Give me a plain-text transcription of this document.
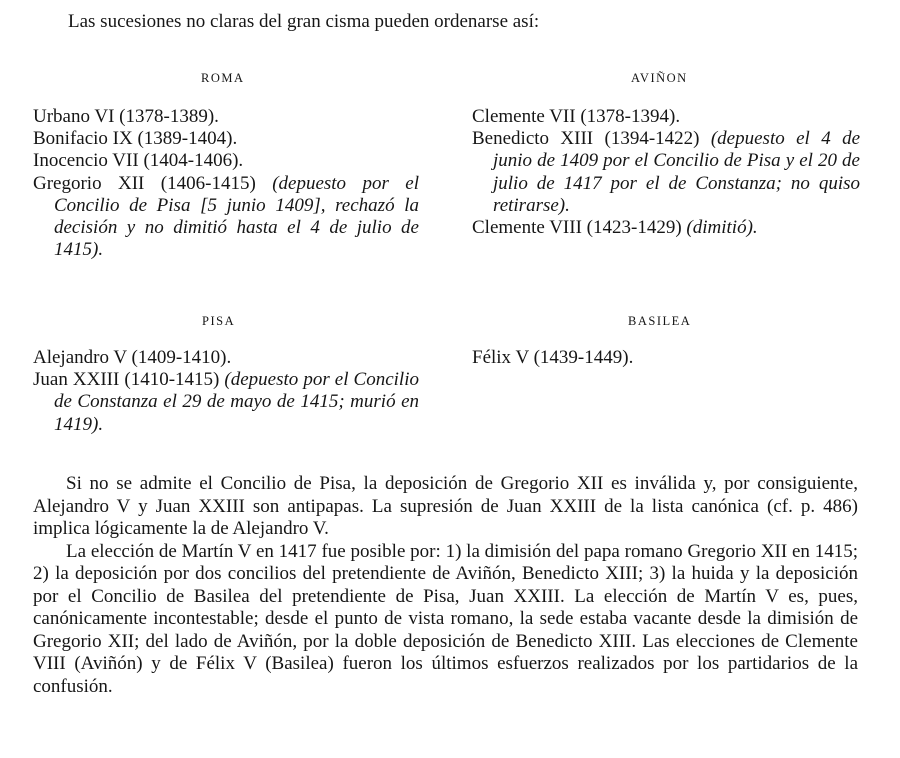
Las sucesiones no claras del gran cisma pueden ordenarse así:
ROMA

Urbano VI (1378-1389).

Bonifacio IX (1389-1404).

Inocencio VII (1404-1406).

Gregorio XII (1406-1415) (depuesto por el Concilio de Pisa [5 junio 1409], rechazó la decisión y no dimitió hasta el 4 de julio de 1415).

AVIÑON

Clemente VII (1378-1394).

Benedicto XIII (1394-1422) (depuesto el 4 de junio de 1409 por el Concilio de Pisa y el 20 de julio de 1417 por el de Constanza; no quiso retirarse).

Clemente VIII (1423-1429) (dimitió).

PISA

Alejandro V (1409-1410).

Juan XXIII (1410-1415) (depuesto por el Concilio de Constanza el 29 de mayo de 1415; murió en 1419).

BASILEA

Félix V (1439-1449).

Si no se admite el Concilio de Pisa, la deposición de Gregorio XII es inválida y, por consiguiente, Alejandro V y Juan XXIII son antipapas. La supresión de Juan XXIII de la lista canónica (cf. p. 486) implica lógicamente la de Alejandro V.

La elección de Martín V en 1417 fue posible por: 1) la dimisión del papa romano Gregorio XII en 1415; 2) la deposición por dos concilios del pretendiente de Aviñón, Benedicto XIII; 3) la huida y la deposición por el Concilio de Basilea del pretendiente de Pisa, Juan XXIII. La elección de Martín V es, pues, canónicamente incontestable; desde el punto de vista romano, la sede estaba vacante desde la dimisión de Gregorio XII; del lado de Aviñón, por la doble deposición de Benedicto XIII. Las elecciones de Clemente VIII (Aviñón) y de Félix V (Basilea) fueron los últimos esfuerzos realizados por los partidarios de la confusión.
